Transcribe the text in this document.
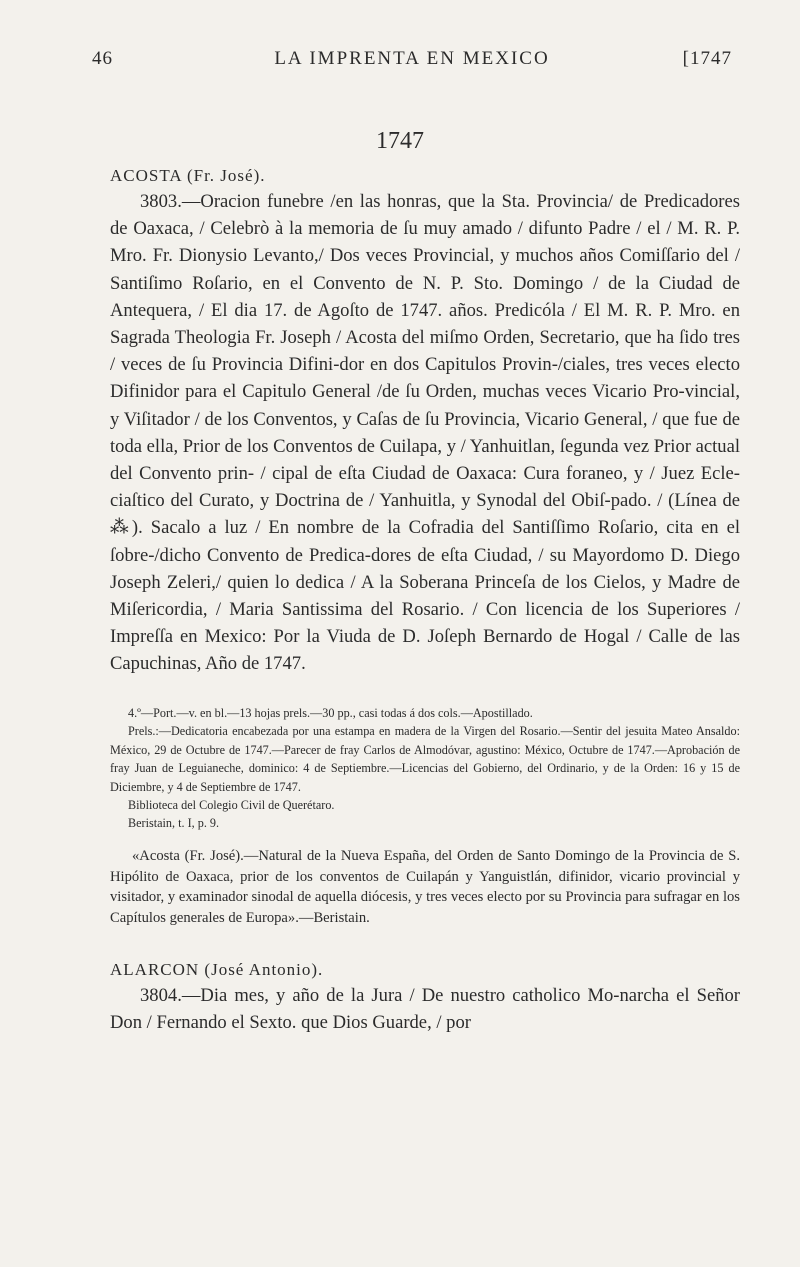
46	LA IMPRENTA EN MEXICO	[1747
1747
ACOSTA (Fr. José).
3803.—Oracion funebre /en las honras, que la Sta. Provincia/ de Predicadores de Oaxaca, / Celebrò à la memoria de ſu muy amado / difunto Padre / el / M. R. P. Mro. Fr. Dionysio Levanto,/ Dos veces Provincial, y muchos años Comiſſario del / Santiſimo Roſario, en el Convento de N. P. Sto. Domingo / de la Ciudad de Antequera, / El dia 17. de Agoſto de 1747. años. Predicóla / El M. R. P. Mro. en Sagrada Theologia Fr. Joseph / Acosta del miſmo Orden, Secretario, que ha ſido tres / veces de ſu Provincia Difini-dor en dos Capitulos Provin-/ciales, tres veces electo Difinidor para el Capitulo General /de ſu Orden, muchas veces Vicario Pro-vincial, y Viſitador / de los Conventos, y Caſas de ſu Provincia, Vicario General, / que fue de toda ella, Prior de los Conventos de Cuilapa, y / Yanhuitlan, ſegunda vez Prior actual del Convento prin- / cipal de eſta Ciudad de Oaxaca: Cura foraneo, y / Juez Ecle-ciaſtico del Curato, y Doctrina de / Yanhuitla, y Synodal del Obiſ-pado. / (Línea de ⁂). Sacalo a luz / En nombre de la Cofradia del Santiſſimo Roſario, cita en el ſobre-/dicho Convento de Predica-dores de eſta Ciudad, / su Mayordomo D. Diego Joseph Zeleri,/ quien lo dedica / A la Soberana Princeſa de los Cielos, y Madre de Miſericordia, / Maria Santissima del Rosario. / Con licencia de los Superiores / Impreſſa en Mexico: Por la Viuda de D. Joſeph Bernardo de Hogal / Calle de las Capuchinas, Año de 1747.

4.º—Port.—v. en bl.—13 hojas prels.—30 pp., casi todas á dos cols.—Apostillado.

Prels.:—Dedicatoria encabezada por una estampa en madera de la Virgen del Rosario.—Sentir del jesuita Mateo Ansaldo: México, 29 de Octubre de 1747.—Parecer de fray Carlos de Almodóvar, agustino: México, Octubre de 1747.—Aprobación de fray Juan de Leguianeche, dominico: 4 de Septiembre.—Licencias del Gobierno, del Ordinario, y de la Orden: 16 y 15 de Diciembre, y 4 de Septiembre de 1747.

Biblioteca del Colegio Civil de Querétaro.

Beristain, t. I, p. 9.

«Acosta (Fr. José).—Natural de la Nueva España, del Orden de Santo Domingo de la Provincia de S. Hipólito de Oaxaca, prior de los conventos de Cuilapán y Yanguistlán, difinidor, vicario provincial y visitador, y examinador sinodal de aquella diócesis, y tres veces electo por su Provincia para sufragar en los Capítulos generales de Europa».—Beristain.
ALARCON (José Antonio).
3804.—Dia mes, y año de la Jura / De nuestro catholico Mo-narcha el Señor Don / Fernando el Sexto. que Dios Guarde, / por
